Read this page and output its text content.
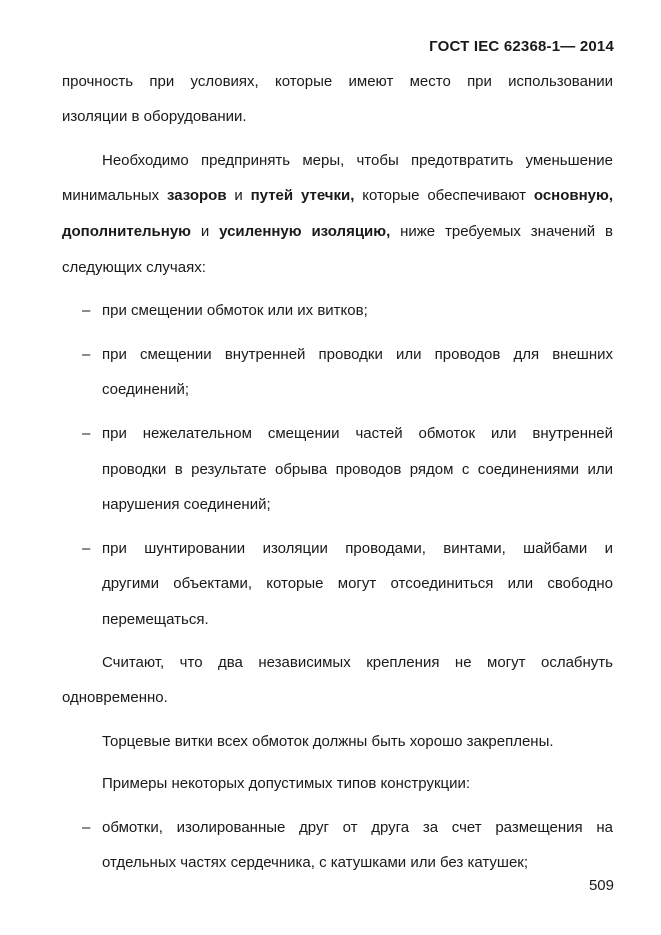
ГОСТ IEC 62368-1— 2014
прочность при условиях, которые имеют место при использовании
изоляции в оборудовании.
Необходимо предпринять меры, чтобы предотвратить уменьшение
минимальных зазоров и путей утечки, которые обеспечивают основную,
дополнительную и усиленную изоляцию, ниже требуемых значений в
следующих случаях:
– при смещении обмоток или их витков;
– при смещении внутренней проводки или проводов для внешних
соединений;
– при нежелательном смещении частей обмоток или внутренней
проводки в результате обрыва проводов рядом с соединениями или
нарушения соединений;
– при шунтировании изоляции проводами, винтами, шайбами и
другими объектами, которые могут отсоединиться или свободно
перемещаться.
Считают, что два независимых крепления не могут ослабнуть
одновременно.
Торцевые витки всех обмоток должны быть хорошо закреплены.
Примеры некоторых допустимых типов конструкции:
– обмотки, изолированные друг от друга за счет размещения на
отдельных частях сердечника, с катушками или без катушек;
509
